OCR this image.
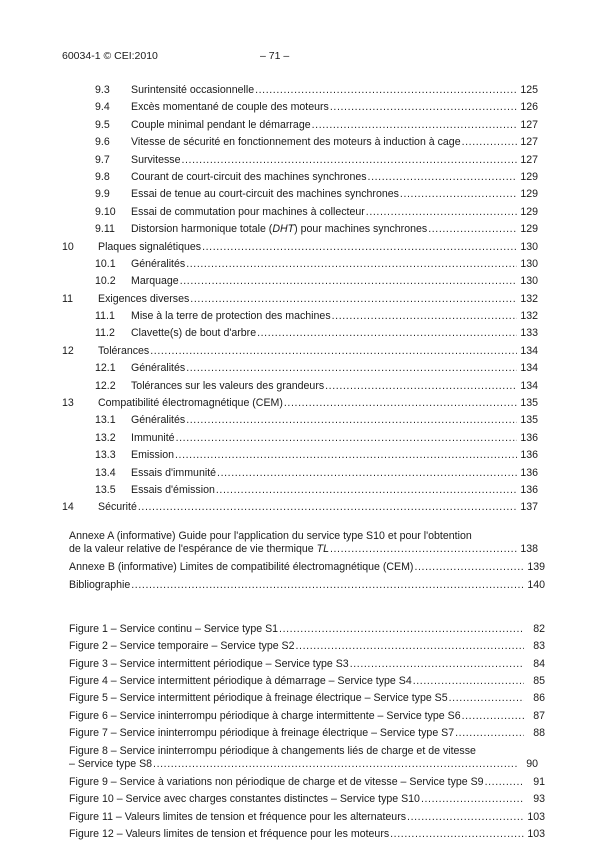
60034-1 © CEI:2010	– 71 –
9.3	Surintensité occasionnelle .....	125
9.4	Excès momentané de couple des moteurs .....	126
9.5	Couple minimal pendant le démarrage .....	127
9.6	Vitesse de sécurité en fonctionnement des moteurs à induction à cage .....	127
9.7	Survitesse .....	127
9.8	Courant de court-circuit des machines synchrones .....	129
9.9	Essai de tenue au court-circuit des machines synchrones .....	129
9.10	Essai de commutation pour machines à collecteur .....	129
9.11	Distorsion harmonique totale (DHT) pour machines synchrones .....	129
10	Plaques signalétiques .....	130
10.1	Généralités .....	130
10.2	Marquage .....	130
11	Exigences diverses .....	132
11.1	Mise à la terre de protection des machines .....	132
11.2	Clavette(s) de bout d'arbre .....	133
12	Tolérances .....	134
12.1	Généralités .....	134
12.2	Tolérances sur les valeurs des grandeurs .....	134
13	Compatibilité électromagnétique (CEM) .....	135
13.1	Généralités .....	135
13.2	Immunité .....	136
13.3	Emission .....	136
13.4	Essais d'immunité .....	136
13.5	Essais d'émission .....	136
14	Sécurité .....	137
Annexe A (informative) Guide pour l'application du service type S10 et pour l'obtention
de la valeur relative de l'espérance de vie thermique TL .....	138
Annexe B (informative) Limites de compatibilité électromagnétique (CEM) .....	139
Bibliographie .....	140
Figure 1 – Service continu – Service type S1 .....	82
Figure 2 – Service temporaire – Service type S2 .....	83
Figure 3 – Service intermittent périodique – Service type S3 .....	84
Figure 4 – Service intermittent périodique à démarrage – Service type S4 .....	85
Figure 5 – Service intermittent périodique à freinage électrique – Service type S5 .....	86
Figure 6 – Service ininterrompu périodique à charge intermittente – Service type S6 .....	87
Figure 7 – Service ininterrompu périodique à freinage électrique – Service type S7 .....	88
Figure 8 – Service ininterrompu périodique à changements liés de charge et de vitesse
– Service type S8 .....	90
Figure 9 – Service à variations non périodique de charge et de vitesse – Service type S9 .....	91
Figure 10 – Service avec charges constantes distinctes – Service type S10 .....	93
Figure 11 – Valeurs limites de tension et fréquence pour les alternateurs .....	103
Figure 12 – Valeurs limites de tension et fréquence pour les moteurs .....	103
